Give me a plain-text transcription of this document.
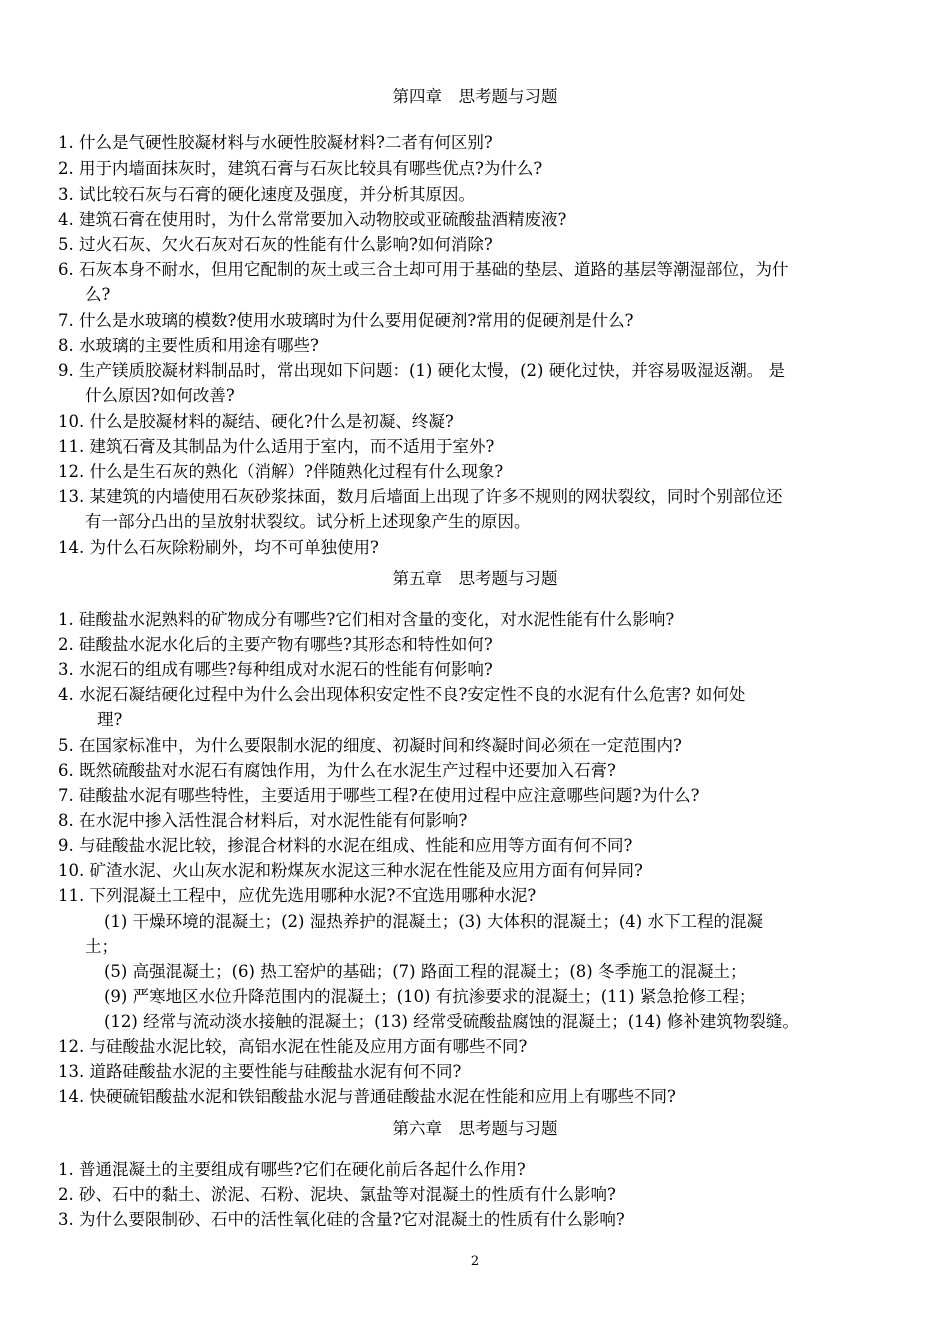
第四章　思考题与习题
1. 什么是气硬性胶凝材料与水硬性胶凝材料?二者有何区别?
2. 用于内墙面抹灰时，建筑石膏与石灰比较具有哪些优点?为什么?
3. 试比较石灰与石膏的硬化速度及强度，并分析其原因。
4. 建筑石膏在使用时，为什么常常要加入动物胶或亚硫酸盐酒精废液?
5. 过火石灰、欠火石灰对石灰的性能有什么影响?如何消除?
6. 石灰本身不耐水，但用它配制的灰土或三合土却可用于基础的垫层、道路的基层等潮湿部位，为什
么?
7. 什么是水玻璃的模数?使用水玻璃时为什么要用促硬剂?常用的促硬剂是什么?
8. 水玻璃的主要性质和用途有哪些?
9. 生产镁质胶凝材料制品时，常出现如下问题：(1) 硬化太慢，(2) 硬化过快，并容易吸湿返潮。 是
什么原因?如何改善?
10. 什么是胶凝材料的凝结、硬化?什么是初凝、终凝?
11. 建筑石膏及其制品为什么适用于室内，而不适用于室外?
12. 什么是生石灰的熟化（消解）?伴随熟化过程有什么现象?
13. 某建筑的内墙使用石灰砂浆抹面，数月后墙面上出现了许多不规则的网状裂纹，同时个别部位还
有一部分凸出的呈放射状裂纹。试分析上述现象产生的原因。
14. 为什么石灰除粉刷外，均不可单独使用?
第五章　思考题与习题
1. 硅酸盐水泥熟料的矿物成分有哪些?它们相对含量的变化，对水泥性能有什么影响?
2. 硅酸盐水泥水化后的主要产物有哪些?其形态和特性如何?
3. 水泥石的组成有哪些?每种组成对水泥石的性能有何影响?
4. 水泥石凝结硬化过程中为什么会出现体积安定性不良?安定性不良的水泥有什么危害? 如何处
理?
5. 在国家标准中，为什么要限制水泥的细度、初凝时间和终凝时间必须在一定范围内?
6. 既然硫酸盐对水泥石有腐蚀作用，为什么在水泥生产过程中还要加入石膏?
7. 硅酸盐水泥有哪些特性，主要适用于哪些工程?在使用过程中应注意哪些问题?为什么?
8. 在水泥中掺入活性混合材料后，对水泥性能有何影响?
9. 与硅酸盐水泥比较，掺混合材料的水泥在组成、性能和应用等方面有何不同?
10. 矿渣水泥、火山灰水泥和粉煤灰水泥这三种水泥在性能及应用方面有何异同?
11. 下列混凝土工程中，应优先选用哪种水泥?不宜选用哪种水泥?
(1) 干燥环境的混凝土；(2) 湿热养护的混凝土；(3) 大体积的混凝土；(4) 水下工程的混凝
土；
(5) 高强混凝土；(6) 热工窑炉的基础；(7) 路面工程的混凝土；(8) 冬季施工的混凝土；
(9) 严寒地区水位升降范围内的混凝土；(10) 有抗渗要求的混凝土；(11) 紧急抢修工程；
(12) 经常与流动淡水接触的混凝土；(13) 经常受硫酸盐腐蚀的混凝土；(14) 修补建筑物裂缝。
12. 与硅酸盐水泥比较，高铝水泥在性能及应用方面有哪些不同?
13. 道路硅酸盐水泥的主要性能与硅酸盐水泥有何不同?
14. 快硬硫铝酸盐水泥和铁铝酸盐水泥与普通硅酸盐水泥在性能和应用上有哪些不同?
第六章　思考题与习题
1. 普通混凝土的主要组成有哪些?它们在硬化前后各起什么作用?
2. 砂、石中的黏土、淤泥、石粉、泥块、氯盐等对混凝土的性质有什么影响?
3. 为什么要限制砂、石中的活性氧化硅的含量?它对混凝土的性质有什么影响?
2
